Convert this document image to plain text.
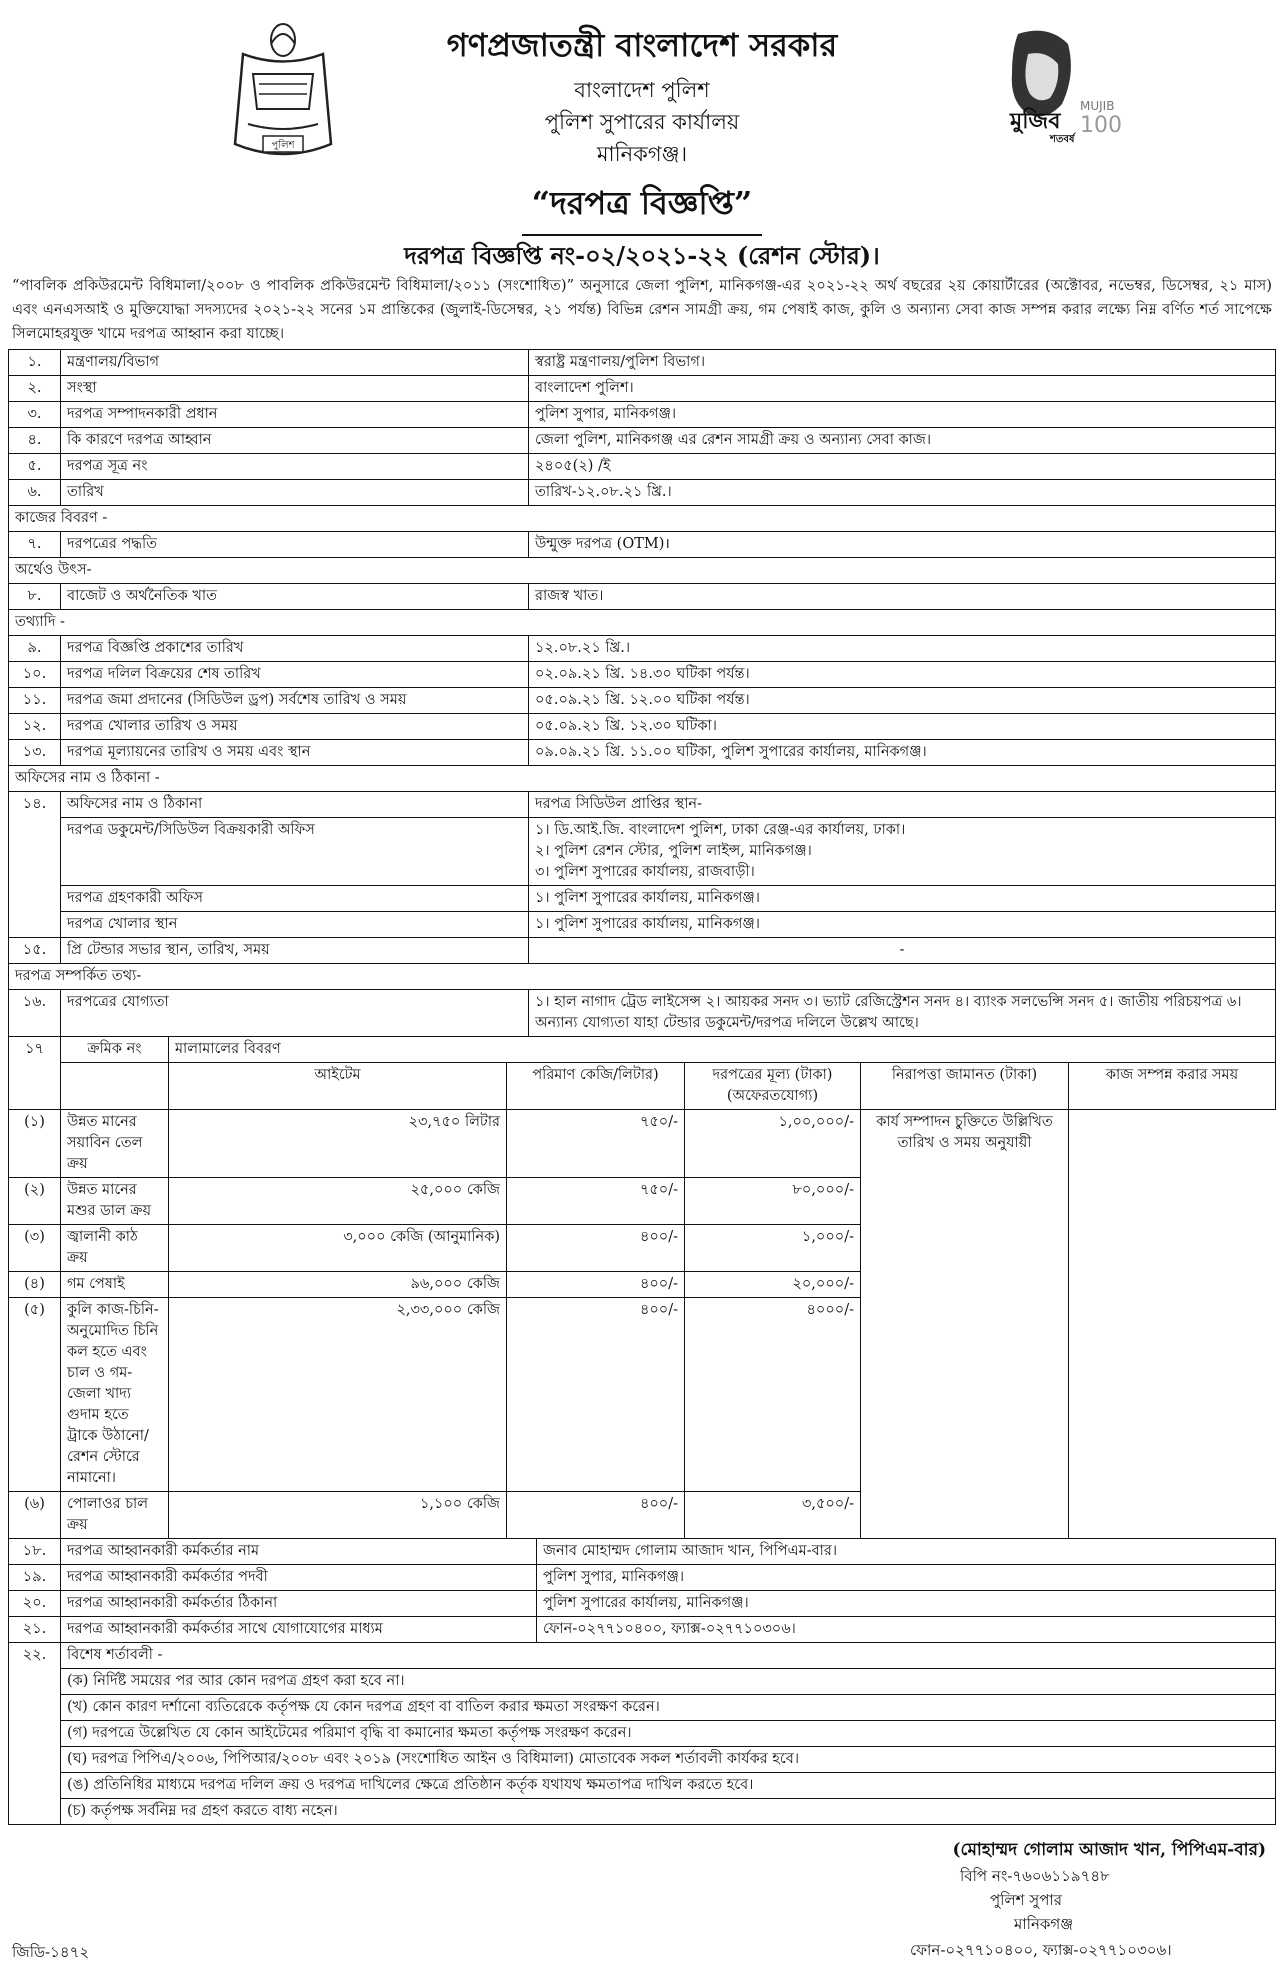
পুলিশ
গণপ্রজাতন্ত্রী বাংলাদেশ সরকার
বাংলাদেশ পুলিশ
পুলিশ সুপারের কার্যালয়
মানিকগঞ্জ।
“দরপত্র বিজ্ঞপ্তি”
মুজিব
MUJIB
100
শতবর্ষ
দরপত্র বিজ্ঞপ্তি নং-০২/২০২১-২২ (রেশন স্টোর)।
“পাবলিক প্রকিউরমেন্ট বিধিমালা/২০০৮ ও পাবলিক প্রকিউরমেন্ট বিধিমালা/২০১১ (সংশোধিত)” অনুসারে জেলা পুলিশ, মানিকগঞ্জ-এর ২০২১-২২ অর্থ বছরের ২য় কোয়ার্টারের (অক্টোবর, নভেম্বর, ডিসেম্বর, ২১ মাস) এবং এনএসআই ও মুক্তিযোদ্ধা সদস্যদের ২০২১-২২ সনের ১ম প্রান্তিকের (জুলাই-ডিসেম্বর, ২১ পর্যন্ত) বিভিন্ন রেশন সামগ্রী ক্রয়, গম পেষাই কাজ, কুলি ও অন্যান্য সেবা কাজ সম্পন্ন করার লক্ষ্যে নিম্ন বর্ণিত শর্ত সাপেক্ষে সিলমোহরযুক্ত খামে দরপত্র আহ্বান করা যাচ্ছে।
১.	মন্ত্রণালয়/বিভাগ	স্বরাষ্ট্র মন্ত্রণালয়/পুলিশ বিভাগ।
২.	সংস্থা	বাংলাদেশ পুলিশ।
৩.	দরপত্র সম্পাদনকারী প্রধান	পুলিশ সুপার, মানিকগঞ্জ।
৪.	কি কারণে দরপত্র আহ্বান	জেলা পুলিশ, মানিকগঞ্জ এর রেশন সামগ্রী ক্রয় ও অন্যান্য সেবা কাজ।
৫.	দরপত্র সূত্র নং	২৪০৫(২) /ই
৬.	তারিখ	তারিখ-১২.০৮.২১ খ্রি.।
কাজের বিবরণ -		
৭.	দরপত্রের পদ্ধতি	উন্মুক্ত দরপত্র (OTM)।
অর্থেও উৎস-		
৮.	বাজেট ও অর্থনৈতিক খাত	রাজস্ব খাত।
তথ্যাদি -		
৯.	দরপত্র বিজ্ঞপ্তি প্রকাশের তারিখ	১২.০৮.২১ খ্রি.।
১০.	দরপত্র দলিল বিক্রয়ের শেষ তারিখ	০২.০৯.২১ খ্রি. ১৪.৩০ ঘটিকা পর্যন্ত।
১১.	দরপত্র জমা প্রদানের (সিডিউল ড্রপ) সর্বশেষ তারিখ ও সময়	০৫.০৯.২১ খ্রি. ১২.০০ ঘটিকা পর্যন্ত।
১২.	দরপত্র খোলার তারিখ ও সময়	০৫.০৯.২১ খ্রি. ১২.৩০ ঘটিকা।
১৩.	দরপত্র মূল্যায়নের তারিখ ও সময় এবং স্থান	০৯.০৯.২১ খ্রি. ১১.০০ ঘটিকা, পুলিশ সুপারের কার্যালয়, মানিকগঞ্জ।
অফিসের নাম ও ঠিকানা -		
১৪.	অফিসের নাম ও ঠিকানা	দরপত্র সিডিউল প্রাপ্তির স্থান-
	দরপত্র ডকুমেন্ট/সিডিউল বিক্রয়কারী অফিস	১। ডি.আই.জি. বাংলাদেশ পুলিশ, ঢাকা রেঞ্জ-এর কার্যালয়, ঢাকা।
২। পুলিশ রেশন স্টোর, পুলিশ লাইন্স, মানিকগঞ্জ।
৩। পুলিশ সুপারের কার্যালয়, রাজবাড়ী।

	দরপত্র গ্রহণকারী অফিস	১। পুলিশ সুপারের কার্যালয়, মানিকগঞ্জ।
	দরপত্র খোলার স্থান	১। পুলিশ সুপারের কার্যালয়, মানিকগঞ্জ।
১৫.	প্রি টেন্ডার সভার স্থান, তারিখ, সময়	-
দরপত্র সম্পর্কিত তথ্য-		
১৬.	দরপত্রের যোগ্যতা	১। হাল নাগাদ ট্রেড লাইসেন্স ২। আয়কর সনদ ৩। ভ্যাট রেজিস্ট্রেশন সনদ ৪। ব্যাংক সলভেন্সি সনদ ৫। জাতীয় পরিচয়পত্র ৬। অন্যান্য যোগ্যতা যাহা টেন্ডার ডকুমেন্ট/দরপত্র দলিলে উল্লেখ আছে।
১৭	ক্রমিক নং	মালামালের বিবরণ				
		আইটেম	পরিমাণ কেজি/লিটার)	দরপত্রের মূল্য (টাকা) (অফেরতযোগ্য)	নিরাপত্তা জামানত (টাকা)	কাজ সম্পন্ন করার সময়
(১)	উন্নত মানের সয়াবিন তেল ক্রয়	২৩,৭৫০ লিটার	৭৫০/-	১,০০,০০০/-	কার্য সম্পাদন চুক্তিতে উল্লিখিত তারিখ ও সময় অনুযায়ী	
(২)	উন্নত মানের মশুর ডাল ক্রয়	২৫,০০০ কেজি	৭৫০/-	৮০,০০০/-		
(৩)	জ্বালানী কাঠ ক্রয়	৩,০০০ কেজি (আনুমানিক)	৪০০/-	১,০০০/-		
(৪)	গম পেষাই	৯৬,০০০ কেজি	৪০০/-	২০,০০০/-		
(৫)	কুলি কাজ-চিনি-অনুমোদিত চিনি কল হতে এবং চাল ও গম-জেলা খাদ্য গুদাম হতে ট্রাকে উঠানো/রেশন স্টোরে নামানো।	২,৩৩,০০০ কেজি	৪০০/-	৪০০০/-		
(৬)	পোলাওর চাল ক্রয়	১,১০০ কেজি	৪০০/-	৩,৫০০/-		
১৮.	দরপত্র আহ্বানকারী কর্মকর্তার নাম	জনাব মোহাম্মদ গোলাম আজাদ খান, পিপিএম-বার।
১৯.	দরপত্র আহ্বানকারী কর্মকর্তার পদবী	পুলিশ সুপার, মানিকগঞ্জ।
২০.	দরপত্র আহ্বানকারী কর্মকর্তার ঠিকানা	পুলিশ সুপারের কার্যালয়, মানিকগঞ্জ।
২১.	দরপত্র আহ্বানকারী কর্মকর্তার সাথে যোগাযোগের মাধ্যম	ফোন-০২৭৭১০৪০০, ফ্যাক্স-০২৭৭১০৩০৬।
২২.	বিশেষ শর্তাবলী -	
	(ক) নির্দিষ্ট সময়ের পর আর কোন দরপত্র গ্রহণ করা হবে না।	
	(খ) কোন কারণ দর্শানো ব্যতিরেকে কর্তৃপক্ষ যে কোন দরপত্র গ্রহণ বা বাতিল করার ক্ষমতা সংরক্ষণ করেন।	
	(গ) দরপত্রে উল্লেখিত যে কোন আইটেমের পরিমাণ বৃদ্ধি বা কমানোর ক্ষমতা কর্তৃপক্ষ সংরক্ষণ করেন।	
	(ঘ) দরপত্র পিপিএ/২০০৬, পিপিআর/২০০৮ এবং ২০১৯ (সংশোধিত আইন ও বিধিমালা) মোতাবেক সকল শর্তাবলী কার্যকর হবে।	
	(ঙ) প্রতিনিধির মাধ্যমে দরপত্র দলিল ক্রয় ও দরপত্র দাখিলের ক্ষেত্রে প্রতিষ্ঠান কর্তৃক যথাযথ ক্ষমতাপত্র দাখিল করতে হবে।	
	(চ) কর্তৃপক্ষ সর্বনিম্ন দর গ্রহণ করতে বাধ্য নহেন।	
(মোহাম্মদ গোলাম আজাদ খান, পিপিএম-বার)
বিপি নং-৭৬০৬১১৯৭৪৮
পুলিশ সুপার
মানিকগঞ্জ
ফোন-০২৭৭১০৪০০, ফ্যাক্স-০২৭৭১০৩০৬।
জিডি-১৪৭২
